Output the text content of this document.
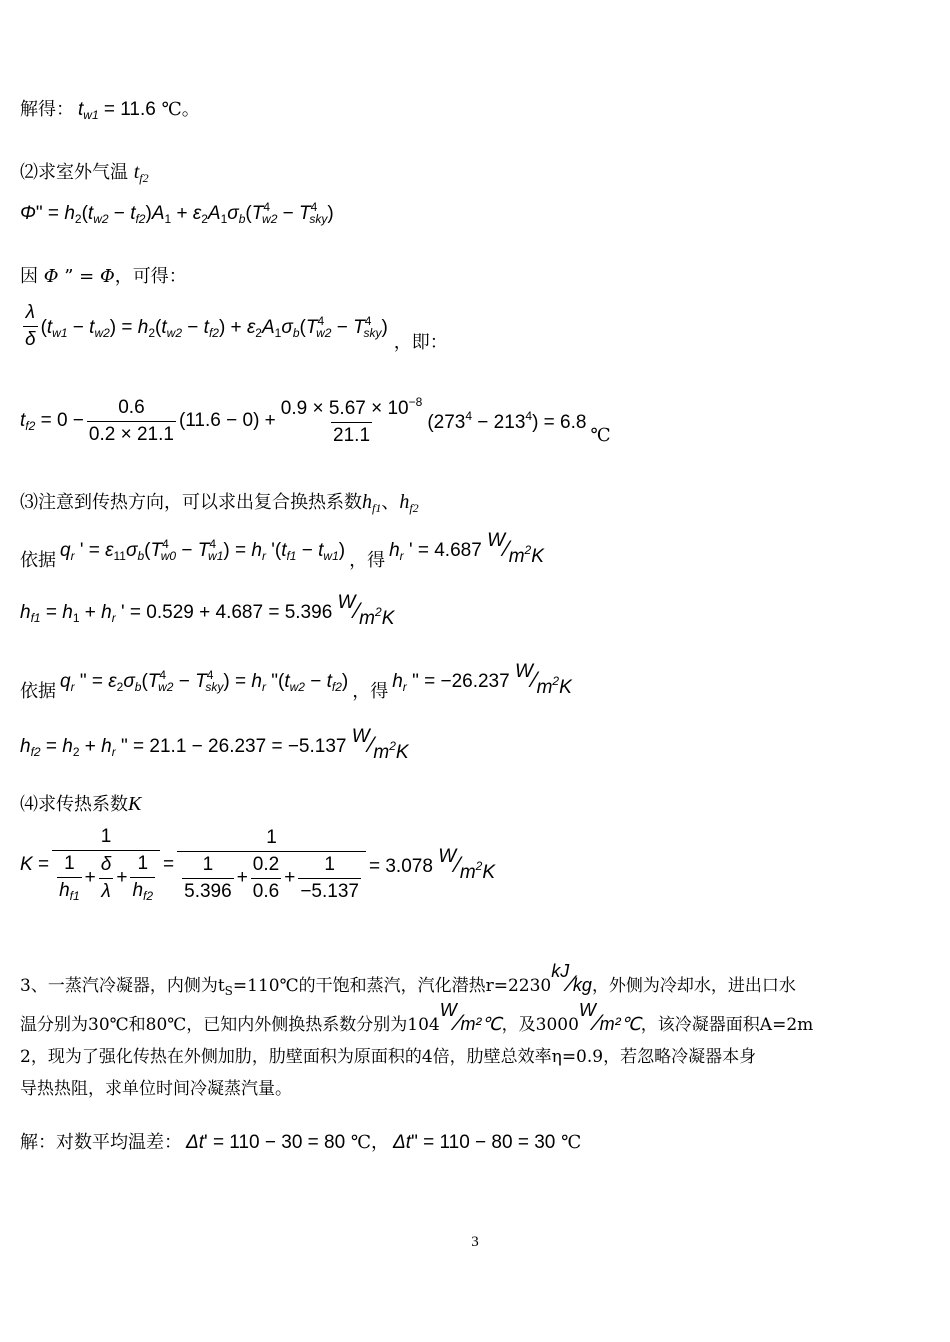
解得： $t_{w1} = 11.6$ ℃。
⑵求室外气温 $t_{f2}$
Φ" = $h_2(t_{w2} - t_{f2})A_1 + \varepsilon_2A_1\sigma_b(T^4_{w2} - T^4_{sky})$
因 Φ ” = Φ，可得：
$\frac{\lambda}{\delta} (t_{w1} - t_{w2}) = h_2(t_{w2} - t_{f2}) + \varepsilon_2A_1\sigma_b(T^4_{w2} - T^4_{sky})$
，即：
$t_{f2} = 0 - \frac{0.6}{0.2 \times 21.1} (11.6 - 0) + \frac{0.9 \times 5.67 \times 10^{-8}}{21.1} (273^4 - 213^4) = 6.8$
℃
⑶注意到传热方向，可以求出复合换热系数$h_{f1}$、$h_{f2}$
依据 $q_r$ ' = $\varepsilon_{11}\sigma_b(T^4_{w0} - T^4_{w1}) = h_r$ '$(t_{f1} - t_{w1})$ ，得 $h_r$ ' = 4.687 $W⁄m^2K$
$h_{f1} = h_1 + h_r$ ' = 0.529 + 4.687 = 5.396 $W⁄m^2K$
依据 $q_r$ " = $\varepsilon_2\sigma_b(T^4_{w2} - T^4_{sky}) = h_r$ "$(t_{w2} - t_{f2})$ ，得 $h_r$ " = −26.237 $W⁄m^2K$
$h_{f2} = h_2 + h_r$ " = 21.1 − 26.237 = −5.137 $W⁄m^2K$
⑷求传热系数K
$K = \frac{1}{\frac{1}{h_{f1}} + \frac{\delta}{\lambda} + \frac{1}{h_{f2}}} = \frac{1}{\frac{1}{5.396} + \frac{0.2}{0.6} + \frac{1}{-5.137}} = 3.078$ $W⁄m^2K$
3、一蒸汽冷凝器，内侧为$t_S=110℃$的干饱和蒸汽，汽化潜热r=2230kJ⁄kg，外侧为冷却水，进出口水
温分别为30℃和80℃，已知内外侧换热系数分别为104W⁄m²℃，及3000W⁄m²℃，该冷凝器面积A=2m
2，现为了强化传热在外侧加肋，肋壁面积为原面积的4倍，肋壁总效率η=0.9，若忽略冷凝器本身
导热热阻，求单位时间冷凝蒸汽量。
解：对数平均温差： Δt' = 110 − 30 = 80 ℃， Δt" = 110 − 80 = 30 ℃
3
